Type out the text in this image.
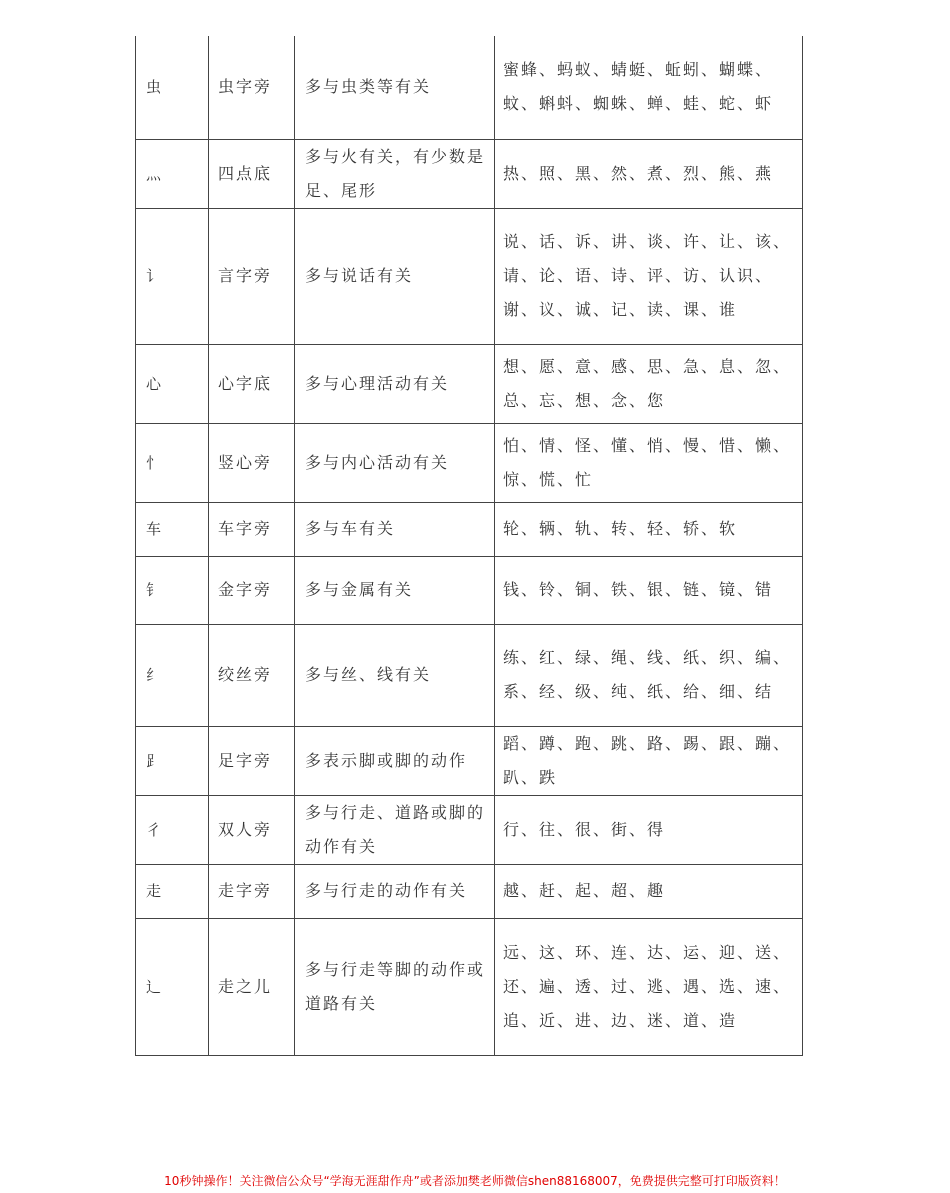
虫	虫字旁	多与虫类等有关	蜜蜂、蚂蚁、蜻蜓、蚯蚓、蝴蝶、蚊、蝌蚪、蜘蛛、蝉、蛙、蛇、虾
灬	四点底	多与火有关，有少数是足、尾形	热、照、黑、然、煮、烈、熊、燕
讠	言字旁	多与说话有关	说、话、诉、讲、谈、许、让、该、请、论、语、诗、评、访、认识、谢、议、诚、记、读、课、谁
心	心字底	多与心理活动有关	想、愿、意、感、思、急、息、忽、总、忘、想、念、您
忄	竖心旁	多与内心活动有关	怕、情、怪、懂、悄、慢、惜、懒、惊、慌、忙
车	车字旁	多与车有关	轮、辆、轨、转、轻、轿、软
钅	金字旁	多与金属有关	钱、铃、铜、铁、银、链、镜、错
纟	绞丝旁	多与丝、线有关	练、红、绿、绳、线、纸、织、编、系、经、级、纯、纸、给、细、结
⻊	足字旁	多表示脚或脚的动作	蹈、蹲、跑、跳、路、踢、跟、蹦、趴、跌
彳	双人旁	多与行走、道路或脚的动作有关	行、往、很、街、得
走	走字旁	多与行走的动作有关	越、赶、起、超、趣
辶	走之儿	多与行走等脚的动作或道路有关	远、这、环、连、达、运、迎、送、还、遍、透、过、逃、遇、选、速、追、近、进、边、迷、道、造
10秒钟操作！关注微信公众号“学海无涯甜作舟”或者添加樊老师微信shen88168007，免费提供完整可打印版资料！
